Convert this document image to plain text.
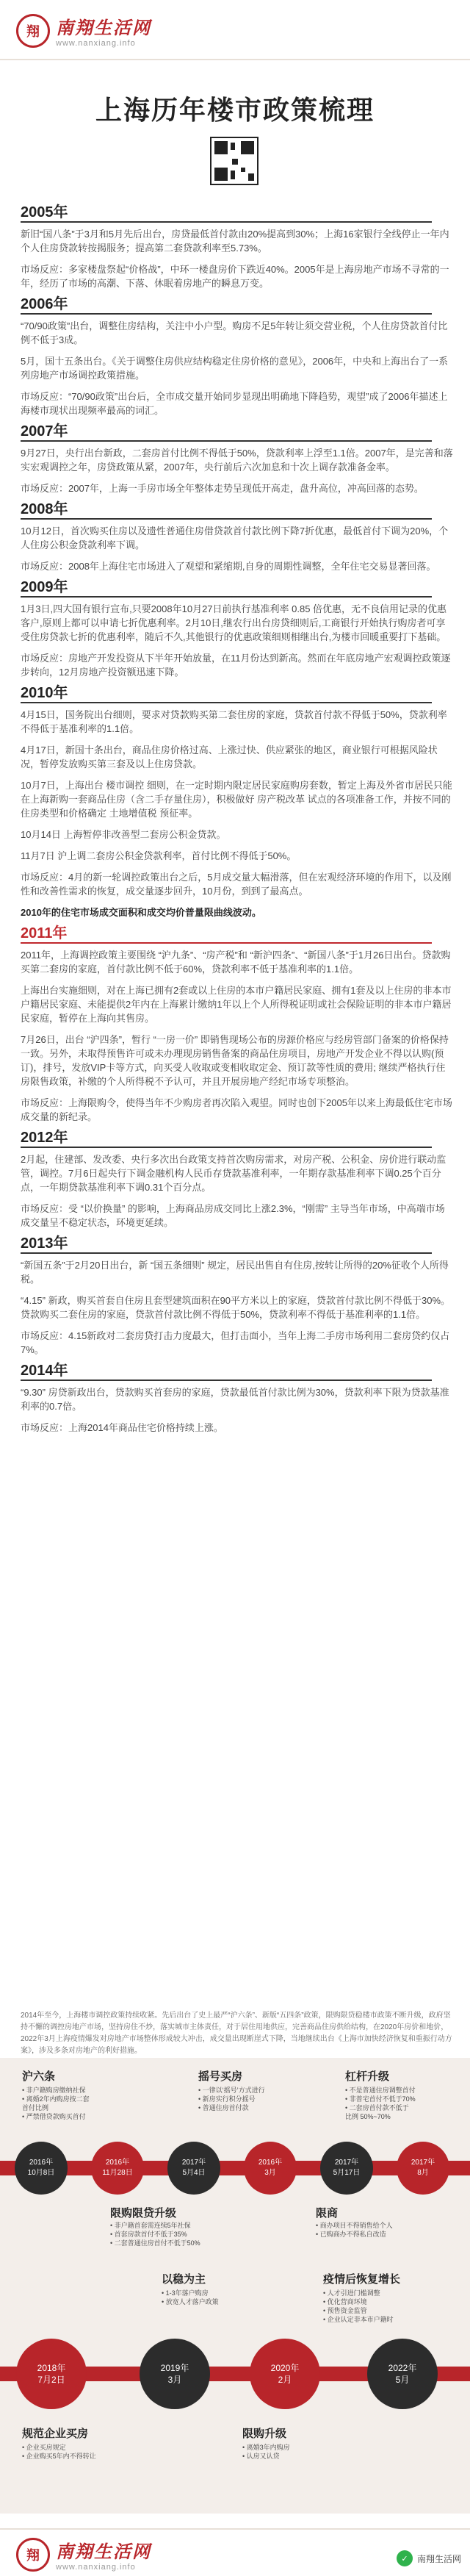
翔 南翔生活网
www.nanxiang.info
上海历年楼市政策梳理
2005年
新旧“国八条”于3月和5月先后出台，房贷最低首付款由20%提高到30%；上海16家银行全线停止一年内个人住房贷款转按揭服务；提高第二套贷款利率至5.73%。
市场反应：多家楼盘祭起“价格战”，中环一楼盘房价下跌近40%。2005年是上海房地产市场不寻常的一年，经历了市场的高潮、下落、休眠着房地产的瞬息万变。
2006年
“70/90政策”出台，调整住房结构，关注中小户型。购房不足5年转让须交营业税，个人住房贷款首付比例不低于3成。
5月，国十五条出台。《关于调整住房供应结构稳定住房价格的意见》，2006年，中央和上海出台了一系列房地产市场调控政策措施。
市场反应：“70/90政策”出台后，全市成交量开始同步显现出明确地下降趋势，观望”成了2006年描述上海楼市现状出现频率最高的词汇。
2007年
9月27日，央行出台新政，二套房首付比例不得低于50%，贷款利率上浮至1.1倍。2007年，是完善和落实宏观调控之年，房贷政策从紧，2007年，央行前后六次加息和十次上调存款准备金率。
市场反应：2007年，上海一手房市场全年整体走势呈现低开高走，盘升高位，冲高回落的态势。
2008年
10月12日，首次购买住房以及遗性普通住房借贷款首付款比例下降7折优惠，最低首付下调为20%，个人住房公积金贷款利率下调。
市场反应：2008年上海住宅市场进入了观望和紧缩期,自身的周期性调整，全年住宅交易显著回落。
2009年
1月3日,四大国有银行宣布,只要2008年10月27日前执行基准利率 0.85 倍优惠，无不良信用记录的优惠客户,原则上都可以申请七折优惠利率。2月10日,继农行出台房贷细则后,工商银行开始执行购房者可享受住房贷款七折的优惠利率，随后不久,其他银行的优惠政策细则相继出台,为楼市回暖重要打下基础。
市场反应：房地产开发投资从下半年开始放量，在11月份达到新高。然而在年底房地产宏观调控政策逐步转向，12月房地产投资额迅速下降。
2010年
4月15日，国务院出台细则，要求对贷款购买第二套住房的家庭，贷款首付款不得低于50%，贷款利率不得低于基准利率的1.1倍。
4月17日，新国十条出台，商品住房价格过高、上涨过快、供应紧张的地区，商业银行可根据风险状况，暂停发放购买第三套及以上住房贷款。
10月7日，上海出台 楼市调控 细则，在一定时期内限定居民家庭购房套数，暂定上海及外省市居民只能在上海新购一套商品住房（含二手存量住房），积极做好 房产税改革 试点的各项准备工作，并按不同的住房类型和价格确定 土地增值税 预征率。
10月14日 上海暂停非改善型二套房公积金贷款。
11月7日 沪上调二套房公积金贷款利率，首付比例不得低于50%。
市场反应：4月的新一轮调控政策出台之后，5月成交量大幅滑落，但在宏观经济环境的作用下，以及刚性和改善性需求的恢复，成交量逐步回升，10月份，到到了最高点。
2010年的住宅市场成交面积和成交均价普量限曲线波动。
2011年
2011年，上海调控政策主要围绕 “沪九条”、“房产税”和 “新沪四条”、“新国八条”于1月26日出台。贷款购买第二套房的家庭，首付款比例不低于60%，贷款利率不低于基准利率的1.1倍。
上海出台实施细则，对在上海已拥有2套或以上住房的本市户籍居民家庭、拥有1套及以上住房的非本市户籍居民家庭、未能提供2年内在上海累计缴纳1年以上个人所得税证明或社会保险证明的非本市户籍居民家庭，暂停在上海向其售房。
7月26日，出台 “沪四条”，暂行 “一房一价” 即销售现场公布的房源价格应与经房管部门备案的价格保持一致。另外，未取得预售许可或未办理现房销售备案的商品住房项目，房地产开发企业不得以认购(预订)，排号，发放VIP卡等方式，向买受人收取或变相收取定金、预订款等性质的费用; 继续严格执行住房限售政策，补缴的个人所得税不予认可，并且开展房地产经纪市场专项整治。
市场反应：上海限购令，使得当年不少购房者再次陷入观望。同时也创下2005年以来上海最低住宅市场成交量的新纪录。
2012年
2月起，住建部、发改委、央行多次出台政策支持首次购房需求，对房产税、公积金、房价进行联动监管，调控。7月6日起央行下调金融机构人民币存贷款基准利率，一年期存款基准利率下调0.25个百分点，一年期贷款基准利率下调0.31个百分点。
市场反应：受 “以价换量” 的影响，上海商品房成交同比上涨2.3%，“刚需” 主导当年市场，中高端市场成交量呈不稳定状态，环境更延续。
2013年
“新国五条”于2月20日出台，新 “国五条细则” 规定，居民出售自有住房,按转让所得的20%征收个人所得税。
“4.15” 新政，购买首套自住房且套型建筑面积在90平方米以上的家庭，贷款首付款比例不得低于30%。贷款购买二套住房的家庭，贷款首付款比例不得低于50%，贷款利率不得低于基准利率的1.1倍。
市场反应：4.15新政对二套房贷打击力度最大，但打击面小，当年上海二手房市场利用二套房贷约仅占7%。
2014年
“9.30” 房贷新政出台，贷款购买首套房的家庭，贷款最低首付款比例为30%，贷款利率下限为贷款基准利率的0.7倍。
市场反应：上海2014年商品住宅价格持续上涨。
2014年至今，上海楼市调控政策持续收紧。先后出台了史上最严“沪六条”、新版“五四条”政策，限购限贷稳楼市政策不断升级，政府坚持不懈的调控房地产市场，坚持房住不炒，落实城市主体责任，对于居住用地供应，完善商品住房供给结构，在2020年房价和地价，2022年3月上海疫情爆发对房地产市场整体形成较大冲击，成交量出现断崖式下降，当地继续出台《上海市加快经济恢复和重振行动方案》，涉及多条对房地产的利好措施。
沪六条	摇号买房	杠杆升级
• 非户籍购房缴纳社保
• 离婚2年内购房按二套
首付比例
• 严禁借贷款购买首付
• 一律以‘摇号’方式进行
• 新房实行积分摇号
• 普通住房首付款
• 不是普通住房调整首付
• 非普宅首付不低于70%
• 二套房首付款不低于
比例 50%~70%
2016年
10月8日
2016年
11月28日
2017年
5月4日
2016年
3月
2017年
5月17日
2017年
8月
限购限贷升级	限商
• 非户籍首套需连续5年社保
• 首套房款首付不低于35%
• 二套普通住房首付不低于50%
• 商办项目不得销售给个人
• 已购商办不得私自改造
以稳为主	疫情后恢复增长
• 1-3年落户购房
• 放宽人才落户政策
• 人才引进门槛调整
• 优化营商环境
• 预售资金监管
• 企业认定非本市户籍时
2018年
7月2日
2019年
3月
2020年
2月
2022年
5月
规范企业买房	限购升级
• 企业买房规定
• 企业购买5年内不得转让
• 离婚3年内购房
• 认房又认贷
翔 南翔生活网
www.nanxiang.info
✓	南翔生活网
